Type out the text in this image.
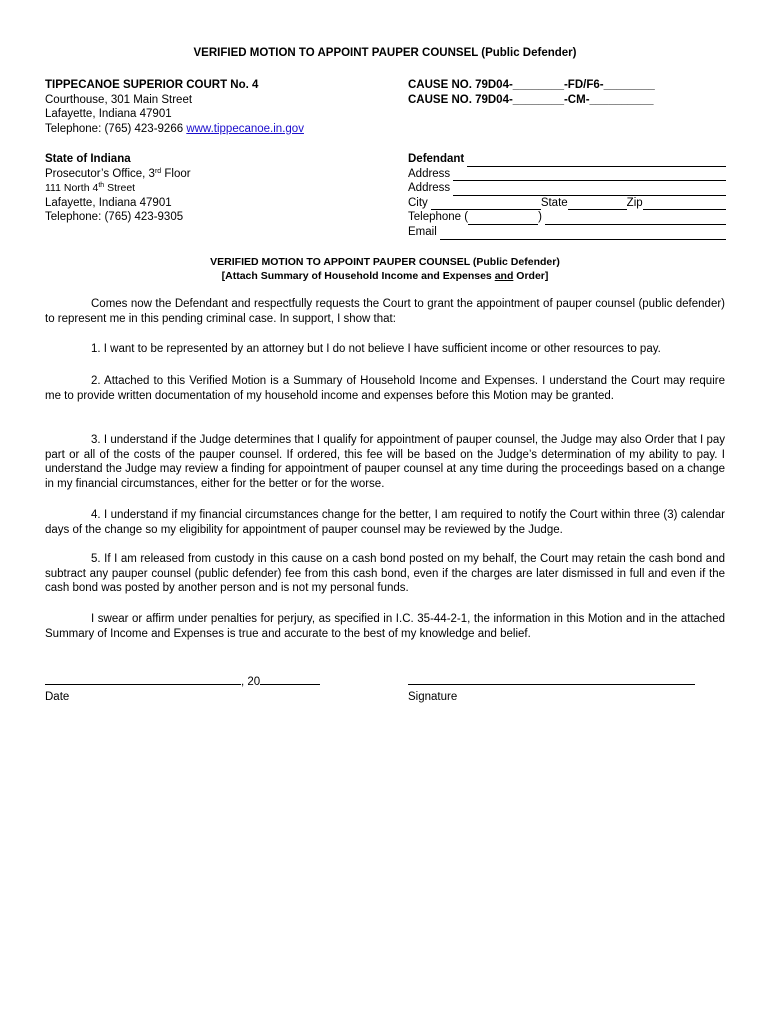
VERIFIED MOTION TO APPOINT PAUPER COUNSEL (Public Defender)
TIPPECANOE SUPERIOR COURT No. 4
Courthouse, 301 Main Street
Lafayette, Indiana 47901
Telephone: (765) 423-9266 www.tippecanoe.in.gov
CAUSE NO. 79D04-________-FD/F6-________
CAUSE NO. 79D04-________-CM-__________
State of Indiana
Prosecutor’s Office, 3rd Floor
111 North 4th Street
Lafayette, Indiana 47901
Telephone: (765) 423-9305
Defendant
Address
Address
City	State	Zip
Telephone (	)
Email
VERIFIED MOTION TO APPOINT PAUPER COUNSEL (Public Defender)
[Attach Summary of Household Income and Expenses and Order]
Comes now the Defendant and respectfully requests the Court to grant the appointment of pauper counsel (public defender) to represent me in this pending criminal case. In support, I show that:
1. I want to be represented by an attorney but I do not believe I have sufficient income or other resources to pay.
2. Attached to this Verified Motion is a Summary of Household Income and Expenses. I understand the Court may require me to provide written documentation of my household income and expenses before this Motion may be granted.
3. I understand if the Judge determines that I qualify for appointment of pauper counsel, the Judge may also Order that I pay part or all of the costs of the pauper counsel. If ordered, this fee will be based on the Judge’s determination of my ability to pay. I understand the Judge may review a finding for appointment of pauper counsel at any time during the proceedings based on a change in my financial circumstances, either for the better or for the worse.
4. I understand if my financial circumstances change for the better, I am required to notify the Court within three (3) calendar days of the change so my eligibility for appointment of pauper counsel may be reviewed by the Judge.
5. If I am released from custody in this cause on a cash bond posted on my behalf, the Court may retain the cash bond and subtract any pauper counsel (public defender) fee from this cash bond, even if the charges are later dismissed in full and even if the cash bond was posted by another person and is not my personal funds.
I swear or affirm under penalties for perjury, as specified in I.C. 35-44-2-1, the information in this Motion and in the attached Summary of Income and Expenses is true and accurate to the best of my knowledge and belief.
, 20
Date	Signature
